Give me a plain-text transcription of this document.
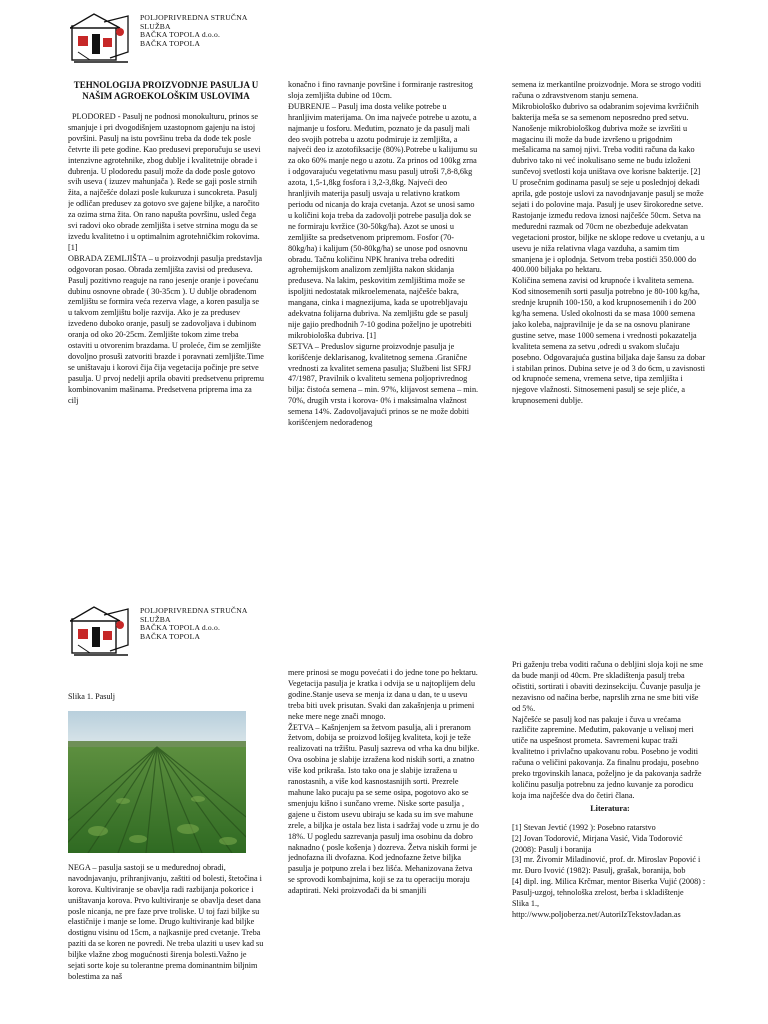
POLJOPRIVREDNA STRUČNA
SLUŽBA
BAČKA TOPOLA d.o.o.
BAČKA TOPOLA

TEHNOLOGIJA PROIZVODNJE PASULJA U NAŠIM AGROEKOLOŠKIM USLOVIMA

PLODORED - Pasulj ne podnosi monokulturu, prinos se smanjuje i pri dvogodišnjem uzastopnom gajenju na istoj površini. Pasulj na istu površinu treba da dođe tek posle četvrte ili pete godine. Kao predusevi preporučuju se usevi intenzivne agrotehnike, zbog dublje i kvalitetnije obrade i đubrenja. U plodoredu pasulj može da dođe posle gotovo svih useva ( izuzev mahunjača ). Ređe se gaji posle strnih žita, a najčešće dolazi posle kukuruza i suncokreta. Pasulj je odličan predusev za gotovo sve gajene biljke, a naročito za ozima strna žita. On rano napušta površinu, usled čega svi radovi oko obrade zemljišta i setve strnina mogu da se izvedu kvalitetno i u optimalnim agrotehničkim rokovima. [1]

OBRADA ZEMLJIŠTA – u proizvodnji pasulja predstavlja odgovoran posao. Obrada zemljišta zavisi od preduseva. Pasulj pozitivno reaguje na rano jesenje oranje i povećanu dubinu osnovne obrade ( 30-35cm ). U dublje obrađenom zemljištu se formira veća rezerva vlage, a koren pasulja se u takvom zemljištu bolje razvija. Ako je za predusev izvedeno duboko oranje, pasulj se zadovoljava i dubinom oranja od oko 20-25cm. Zemljište tokom zime treba ostaviti u otvorenim brazdama. U proleće, čim se zemljište dovoljno prosuši zatvoriti brazde i poravnati zemljište.Time se uništavaju i korovi čija čija vegetacija počinje pre setve pasulja. U prvoj nedelji aprila obaviti predsetvenu pripremu kombinovanim mašinama. Predsetvena priprema ima za cilj

konačno i fino ravnanje površine i formiranje rastresitog sloja zemljišta dubine od 10cm.

ĐUBRENJE – Pasulj ima dosta velike potrebe u hranljivim materijama. On ima najveće potrebe u azotu, a najmanje u fosforu. Međutim, poznato je da pasulj mali deo svojih potreba u azotu podmiruje iz zemljišta, a najveći deo iz azotofiksacije (80%).Potrebe u kalijumu su za oko 60% manje nego u azotu. Za prinos od 100kg zrna i odgovarajuću vegetativnu masu pasulj utroši 7,8-8,6kg azota, 1,5-1,8kg fosfora i 3,2-3,8kg. Najveći deo hranljivih materija pasulj usvaja u relativno kratkom periodu od nicanja do kraja cvetanja. Azot se unosi samo u količini koja treba da zadovolji potrebe pasulja dok se ne formiraju kvržice (30-50kg/ha). Azot se unosi u zemljište sa predsetvenom pripremom. Fosfor (70-80kg/ha) i kalijum (50-80kg/ha) se unose pod osnovnu obradu. Tačnu količinu NPK hraniva treba odrediti agrohemijskom analizom zemljišta nakon skidanja preduseva. Na lakim, peskovitim zemljištima može se ispoljiti nedostatak mikroelemenata, najčešće bakra, mangana, cinka i magnezijuma, kada se upotrebljavaju adekvatna folijarna đubriva. Na zemljištu gde se pasulj nije gajio predhodnih 7-10 godina poželjno je upotrebiti mikrobiološka đubriva. [1]

SETVA – Preduslov sigurne proizvodnje pasulja je korišćenje deklarisanog, kvalitetnog semena .Granične vrednosti za kvalitet semena pasulja; Službeni list SFRJ 47/1987, Pravilnik o kvalitetu semena poljoprivrednog bilja: čistoća semena – min. 97%, klijavost semena – min. 70%, drugih vrsta i korova- 0% i maksimalna vlažnost semena 14%. Zadovoljavajući prinos se ne može dobiti korišćenjem nedorađenog

semena iz merkantilne proizvodnje. Mora se strogo voditi računa o zdravstvenom stanju semena.

Mikrobiološko đubrivo sa odabranim sojevima kvržičnih bakterija meša se sa semenom neposredno pred setvu. Nanošenje mikrobiološkog đubriva može se izvršiti u magacinu ili može da bude izvršeno u prigodnim mešalicama na samoj njivi. Treba voditi računa da kako đubrivo tako ni već inokulisano seme ne budu izloženi sunčevoj svetlosti koja uništava ove korisne bakterije. [2]

U prosečnim godinama pasulj se seje u poslednjoj dekadi aprila, gde postoje uslovi za navodnjavanje pasulj se može sejati i do polovine maja. Pasulj je usev širokoredne setve. Rastojanje između redova iznosi najčešće 50cm. Setva na međuredni razmak od 70cm ne obezbeđuje adekvatan vegetacioni prostor, biljke ne sklope redove u cvetanju, a u usevu je niža relativna vlaga vazduha, a samim tim smanjena je i oplodnja. Setvom treba postići 350.000 do 400.000 biljaka po hektaru.

Količina semena zavisi od krupnoće i kvaliteta semena. Kod sitnosemenih sorti pasulja potrebno je 80-100 kg/ha, srednje krupnih 100-150, a kod krupnosemenih i do 200 kg/ha semena. Usled okolnosti da se masa 1000 semena jako koleba, najpravilnije je da se na osnovu planirane gustine setve, mase 1000 semena i vrednosti pokazatelja kvaliteta semena za setvu ,odredi u svakom slučaju posebno. Odgovarajuća gustina biljaka daje šansu za dobar i stabilan prinos. Dubina setve je od 3 do 6cm, u zavisnosti od krupnoće semena, vremena setve, tipa zemljišta i njegove vlažnosti. Sitnosemeni pasulj se seje pliće, a krupnosemeni dublje.

POLJOPRIVREDNA STRUČNA
SLUŽBA
BAČKA TOPOLA d.o.o.
BAČKA TOPOLA

Slika 1. Pasulj

NEGA – pasulja sastoji se u međurednoj obradi, navodnjavanju, prihranjivanju, zaštiti od bolesti, štetočina i korova. Kultiviranje se obavlja radi razbijanja pokorice i uništavanja korova. Prvo kultiviranje se obavlja deset dana posle nicanja, ne pre faze prve troliske. U toj fazi biljke su elastičnije i manje se lome. Drugo kultiviranje kad biljke dostignu visinu od 15cm, a najkasnije pred cvetanje. Treba paziti da se koren ne povredi. Ne treba ulaziti u usev kad su biljke vlažne zbog mogućnosti širenja bolesti.Važno je sejati sorte koje su tolerantne prema dominantnim biljnim bolestima za naš

mere prinosi se mogu povećati i do jedne tone po hektaru.

Vegetacija pasulja je kratka i odvija se u najtoplijem delu godine.Stanje useva se menja iz dana u dan, te u usevu treba biti uvek prisutan. Svaki dan zakašnjenja u primeni neke mere nege znači mnogo.

ŽETVA – Kašnjenjem sa žetvom pasulja, ali i preranom žetvom, dobija se proizvod lošijeg kvaliteta, koji je teže realizovati na tržištu. Pasulj sazreva od vrha ka dnu biljke. Ova osobina je slabije izražena kod niskih sorti, a znatno više kod prikraša. Isto tako ona je slabije izražena u ranostasnih, a više kod kasnostasnijih sorti. Prezrele mahune lako pucaju pa se seme osipa, pogotovo ako se smenjuju kišno i sunčano vreme. Niske sorte pasulja , gajene u čistom usevu ubiraju se kada su im sve mahune zrele, a biljka je ostala bez lista i sadržaj vode u zrnu je do 18%. U pogledu sazrevanja pasulj ima osobinu da dobro naknadno ( posle košenja ) dozreva. Žetva niskih formi je jednofazna ili dvofazna. Kod jednofazne žetve biljka pasulja je potpuno zrela i bez lišća. Mehanizovana žetva se sprovodi kombajnima, koji se za tu operaciju moraju adaptirati. Neki proizvođači da bi smanjili

Pri gaženju treba voditi računa o debljini sloja koji ne sme da bude manji od 40cm. Pre skladištenja pasulj treba očistiti, sortirati i obaviti dezinsekciju. Čuvanje pasulja je nezavisno od načina berbe, naprslih zrna ne sme biti više od 5%.

Najčešće se pasulj kod nas pakuje i čuva u vrećama različite zapremine. Međutim, pakovanje u veliкој meri utiče na uspešnost prometa. Savremeni kupac traži kvalitetno i privlačno upakovanu robu. Posebno je voditi računa o veličini pakovanja. Za finalnu prodaju, posebno preko trgovinskih lanaca, poželjno je da pakovanja sadrže količinu pasulja potrebnu za jedno kuvanje za porodicu koja ima najčešće dva do četiri člana.

Literatura:

[1] Stevan Jevtić (1992 ): Posebno ratarstvo

[2] Jovan Todorović, Mirjana Vasić, Vida Todorović (2008): Pasulj i boranija

[3] mr. Živomir Miladinović, prof. dr. Miroslav Popović i mr. Đuro Ivović (1982): Pasulj, grašak, boranija, bob

[4] dipl. ing. Milica Krčmar, mentor Biserka Vujić (2008) : Pasulj-uzgoj, tehnološka zrelost, berba i skladištenje

Slika 1.,

http://www.poljoberza.net/AutoriIzTekstovJadan.as
